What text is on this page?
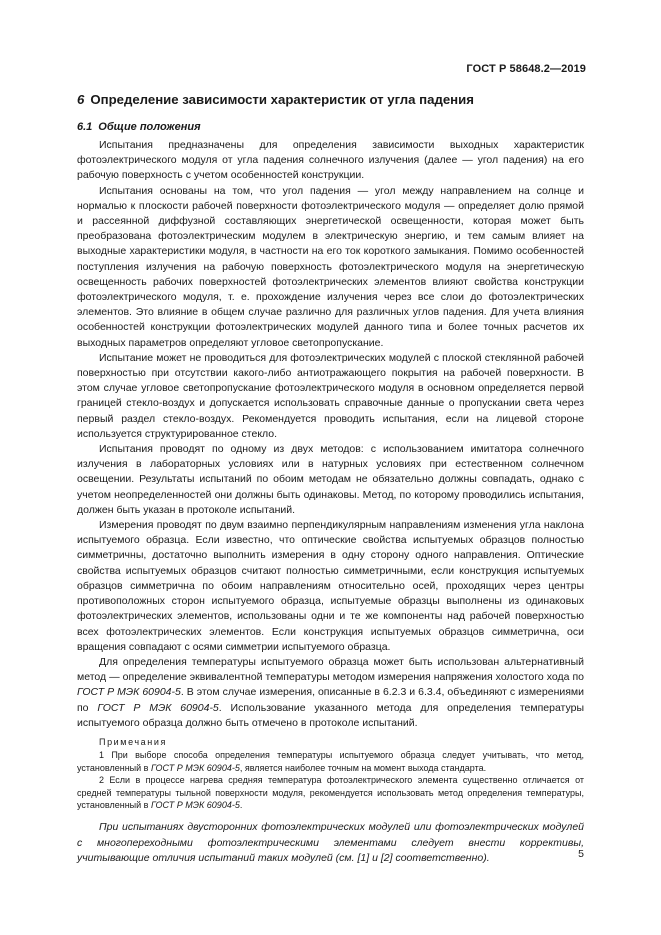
ГОСТ Р 58648.2—2019
6 Определение зависимости характеристик от угла падения
6.1 Общие положения

Испытания предназначены для определения зависимости выходных характеристик фотоэлектрического модуля от угла падения солнечного излучения (далее — угол падения) на его рабочую поверхность с учетом особенностей конструкции.

Испытания основаны на том, что угол падения — угол между направлением на солнце и нормалью к плоскости рабочей поверхности фотоэлектрического модуля — определяет долю прямой и рассеянной диффузной составляющих энергетической освещенности, которая может быть преобразована фотоэлектрическим модулем в электрическую энергию, и тем самым влияет на выходные характеристики модуля, в частности на его ток короткого замыкания. Помимо особенностей поступления излучения на рабочую поверхность фотоэлектрического модуля на энергетическую освещенность рабочих поверхностей фотоэлектрических элементов влияют свойства конструкции фотоэлектрического модуля, т. е. прохождение излучения через все слои до фотоэлектрических элементов. Это влияние в общем случае различно для различных углов падения. Для учета влияния особенностей конструкции фотоэлектрических модулей данного типа и более точных расчетов их выходных параметров определяют угловое светопропускание.

Испытание может не проводиться для фотоэлектрических модулей с плоской стеклянной рабочей поверхностью при отсутствии какого-либо антиотражающего покрытия на рабочей поверхности. В этом случае угловое светопропускание фотоэлектрического модуля в основном определяется первой границей стекло-воздух и допускается использовать справочные данные о пропускании света через первый раздел стекло-воздух. Рекомендуется проводить испытания, если на лицевой стороне используется структурированное стекло.

Испытания проводят по одному из двух методов: с использованием имитатора солнечного излучения в лабораторных условиях или в натурных условиях при естественном солнечном освещении. Результаты испытаний по обоим методам не обязательно должны совпадать, однако с учетом неопределенностей они должны быть одинаковы. Метод, по которому проводились испытания, должен быть указан в протоколе испытаний.

Измерения проводят по двум взаимно перпендикулярным направлениям изменения угла наклона испытуемого образца. Если известно, что оптические свойства испытуемых образцов полностью симметричны, достаточно выполнить измерения в одну сторону одного направления. Оптические свойства испытуемых образцов считают полностью симметричными, если конструкция испытуемых образцов симметрична по обоим направлениям относительно осей, проходящих через центры противоположных сторон испытуемого образца, испытуемые образцы выполнены из одинаковых фотоэлектрических элементов, использованы одни и те же компоненты над рабочей поверхностью всех фотоэлектрических элементов. Если конструкция испытуемых образцов симметрична, оси вращения совпадают с осями симметрии испытуемого образца.

Для определения температуры испытуемого образца может быть использован альтернативный метод — определение эквивалентной температуры методом измерения напряжения холостого хода по ГОСТ Р МЭК 60904-5. В этом случае измерения, описанные в 6.2.3 и 6.3.4, объединяют с измерениями по ГОСТ Р МЭК 60904-5. Использование указанного метода для определения температуры испытуемого образца должно быть отмечено в протоколе испытаний.

Примечания

1 При выборе способа определения температуры испытуемого образца следует учитывать, что метод, установленный в ГОСТ Р МЭК 60904-5, является наиболее точным на момент выхода стандарта.

2 Если в процессе нагрева средняя температура фотоэлектрического элемента существенно отличается от средней температуры тыльной поверхности модуля, рекомендуется использовать метод определения температуры, установленный в ГОСТ Р МЭК 60904-5.

При испытаниях двусторонних фотоэлектрических модулей или фотоэлектрических модулей с многопереходными фотоэлектрическими элементами следует внести коррективы, учитывающие отличия испытаний таких модулей (см. [1] и [2] соответственно).	5
